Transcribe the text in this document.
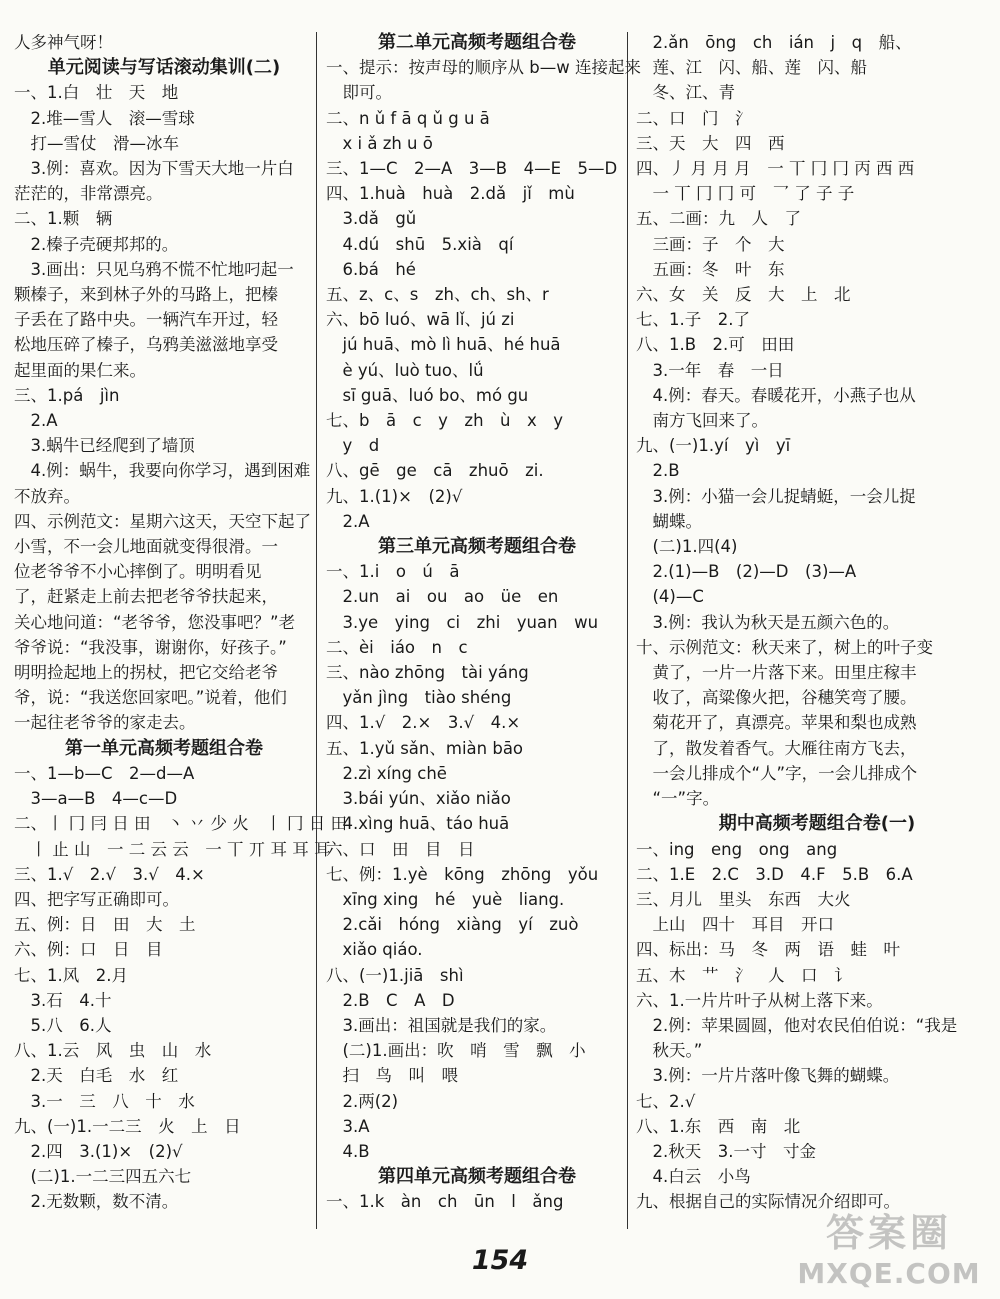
人多神气呀！
单元阅读与写话滚动集训(二)
一、1.白　壮　天　地
　2.堆—雪人　滚—雪球
　打—雪仗　滑—冰车
　3.例：喜欢。因为下雪天大地一片白
茫茫的，非常漂亮。
二、1.颗　辆
　2.榛子壳硬邦邦的。
　3.画出：只见乌鸦不慌不忙地叼起一
颗榛子，来到林子外的马路上，把榛
子丢在了路中央。一辆汽车开过，轻
松地压碎了榛子，乌鸦美滋滋地享受
起里面的果仁来。
三、1.pá　jìn
　2.A
　3.蜗牛已经爬到了墙顶
　4.例：蜗牛，我要向你学习，遇到困难
不放弃。
四、示例范文：星期六这天，天空下起了
小雪，不一会儿地面就变得很滑。一
位老爷爷不小心摔倒了。明明看见
了，赶紧走上前去把老爷爷扶起来，
关心地问道：“老爷爷，您没事吧？”老
爷爷说：“我没事，谢谢你，好孩子。”
明明捡起地上的拐杖，把它交给老爷
爷，说：“我送您回家吧。”说着，他们
一起往老爷爷的家走去。
第一单元高频考题组合卷
一、1—b—C　2—d—A
　3—a—B　4—c—D
二、丨 冂 冃 日 田　丶 丷 少 火　丨 冂 日 田
　丨 止 山　一 二 云 云　一 丅 丌 耳 耳 耳
三、1.√　2.√　3.√　4.×
四、把字写正确即可。
五、例：日　田　大　土
六、例：口　日　目
七、1.风　2.月
　3.石　4.十
　5.八　6.人
八、1.云　风　虫　山　水
　2.天　白毛　水　红
　3.一　三　八　十　水
九、(一)1.一二三　火　上　日
　2.四　3.(1)×　(2)√
　(二)1.一二三四五六七
　2.无数颗，数不清。
第二单元高频考题组合卷
一、提示：按声母的顺序从 b—w 连接起来
　即可。
二、n ǔ f ā q ǔ g u ā
　x i ǎ zh u ō
三、1—C　2—A　3—B　4—E　5—D
四、1.huà　huà　2.dǎ　jǐ　mù
　3.dǎ　gǔ
　4.dú　shū　5.xià　qí
　6.bá　hé
五、z、c、s　zh、ch、sh、r
六、bō luó、wā lǐ、jú zi
　jú huā、mò lì huā、hé huā
　è yú、luò tuo、lǘ
　sī guā、luó bo、mó gu
七、b　ā　c　y　zh　ù　x　y
　y　d
八、gē　ge　cā　zhuō　zi.
九、1.(1)×　(2)√
　2.A
第三单元高频考题组合卷
一、1.i　o　ú　ā
　2.un　ai　ou　ao　üe　en
　3.ye　ying　ci　zhi　yuan　wu
二、èi　iáo　n　c
三、nào zhōng　tài yáng
　yǎn jìng　tiào shéng
四、1.√　2.×　3.√　4.×
五、1.yǔ sǎn、miàn bāo
　2.zì xíng chē
　3.bái yún、xiǎo niǎo
　4.xìng huā、táo huā
六、口　田　目　日
七、例：1.yè　kōng　zhōng　yǒu
　xīng xing　hé　yuè　liang.
　2.cǎi　hóng　xiàng　yí　zuò
　xiǎo qiáo.
八、(一)1.jiā　shì
　2.B　C　A　D
　3.画出：祖国就是我们的家。
　(二)1.画出：吹　哨　雪　飘　小
　扫　鸟　叫　喂
　2.两(2)
　3.A
　4.B
第四单元高频考题组合卷
一、1.k　àn　ch　ūn　l　ǎng
　2.ǎn　ōng　ch　ián　j　q　船、
　莲、江　闪、船、莲　闪、船
　冬、江、青
二、口　门　氵
三、天　大　四　西
四、丿 月 月 月　一 丅 冂 冂 丙 西 西
　一 丅 冂 冂 可　乛 了 子 子
五、二画：九　人　了
　三画：子　个　大
　五画：冬　叶　东
六、女　关　反　大　上　北
七、1.子　2.了
八、1.B　2.可　田田
　3.一年　春　一日
　4.例：春天。春暖花开，小燕子也从
　南方飞回来了。
九、(一)1.yí　yì　yī
　2.B
　3.例：小猫一会儿捉蜻蜓，一会儿捉
　蝴蝶。
　(二)1.四(4)
　2.(1)—B　(2)—D　(3)—A
　(4)—C
　3.例：我认为秋天是五颜六色的。
十、示例范文：秋天来了，树上的叶子变
　黄了，一片一片落下来。田里庄稼丰
　收了，高粱像火把，谷穗笑弯了腰。
　菊花开了，真漂亮。苹果和梨也成熟
　了，散发着香气。大雁往南方飞去，
　一会儿排成个“人”字，一会儿排成个
　“一”字。
期中高频考题组合卷(一)
一、ing　eng　ong　ang
二、1.E　2.C　3.D　4.F　5.B　6.A
三、月儿　里头　东西　大火
　上山　四十　耳目　开口
四、标出：马　冬　两　语　蛙　叶
五、木　艹　氵　人　口　讠
六、1.一片片叶子从树上落下来。
　2.例：苹果圆圆，他对农民伯伯说：“我是
　秋天。”
　3.例：一片片落叶像飞舞的蝴蝶。
七、2.√
八、1.东　西　南　北
　2.秋天　3.一寸　寸金
　4.白云　小鸟
九、根据自己的实际情况介绍即可。
154
答案圈
MXQE.COM
